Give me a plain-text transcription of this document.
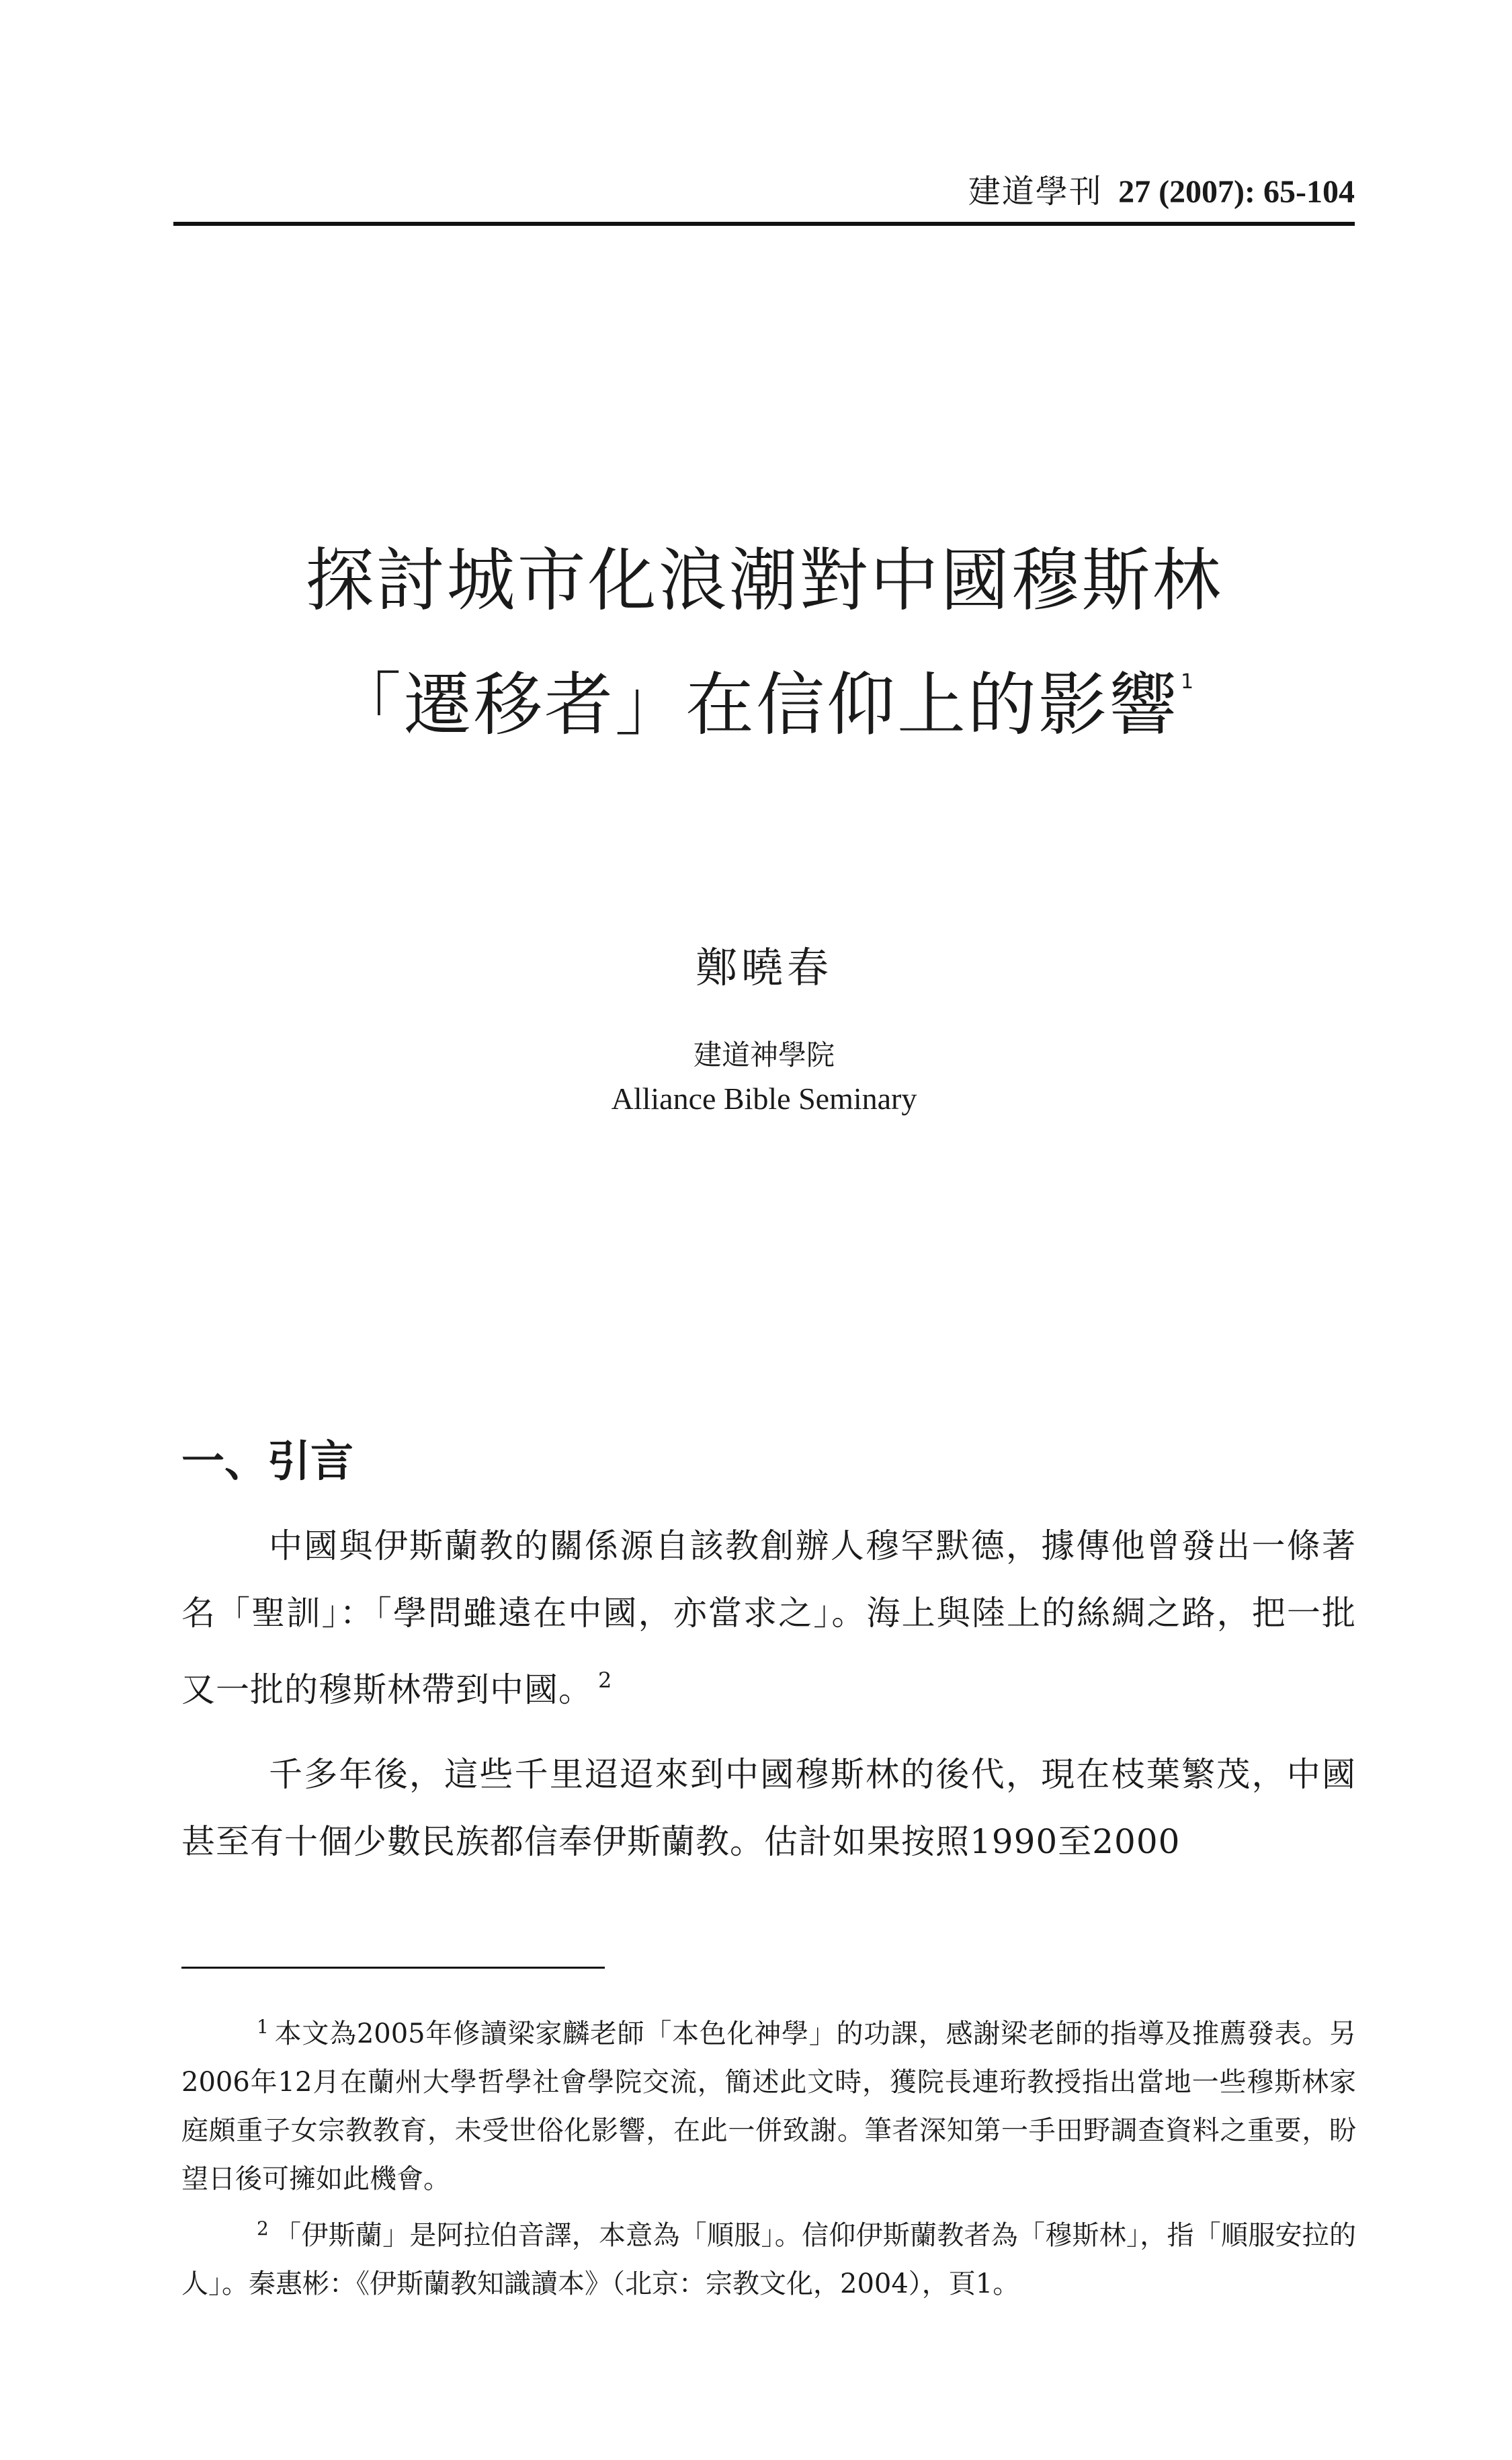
建道學刊 27 (2007): 65-104
探討城市化浪潮對中國穆斯林
「遷移者」在信仰上的影響$^1$
鄭曉春
建道神學院
Alliance Bible Seminary
一、引言
中國與伊斯蘭教的關係源自該教創辦人穆罕默德，據傳他曾發出一條著名「聖訓」：「學問雖遠在中國，亦當求之」。海上與陸上的絲綢之路，把一批又一批的穆斯林帶到中國。 $^2$
千多年後，這些千里迢迢來到中國穆斯林的後代，現在枝葉繁茂，中國甚至有十個少數民族都信奉伊斯蘭教。估計如果按照1990至2000
$^1$ 本文為2005年修讀梁家麟老師「本色化神學」的功課，感謝梁老師的指導及推薦發表。另2006年12月在蘭州大學哲學社會學院交流，簡述此文時，獲院長連珩教授指出當地一些穆斯林家庭頗重子女宗教教育，未受世俗化影響，在此一併致謝。筆者深知第一手田野調查資料之重要，盼望日後可擁如此機會。
$^2$ 「伊斯蘭」是阿拉伯音譯，本意為「順服」。信仰伊斯蘭教者為「穆斯林」，指「順服安拉的人」。秦惠彬：《伊斯蘭教知識讀本》（北京：宗教文化，2004），頁1。
